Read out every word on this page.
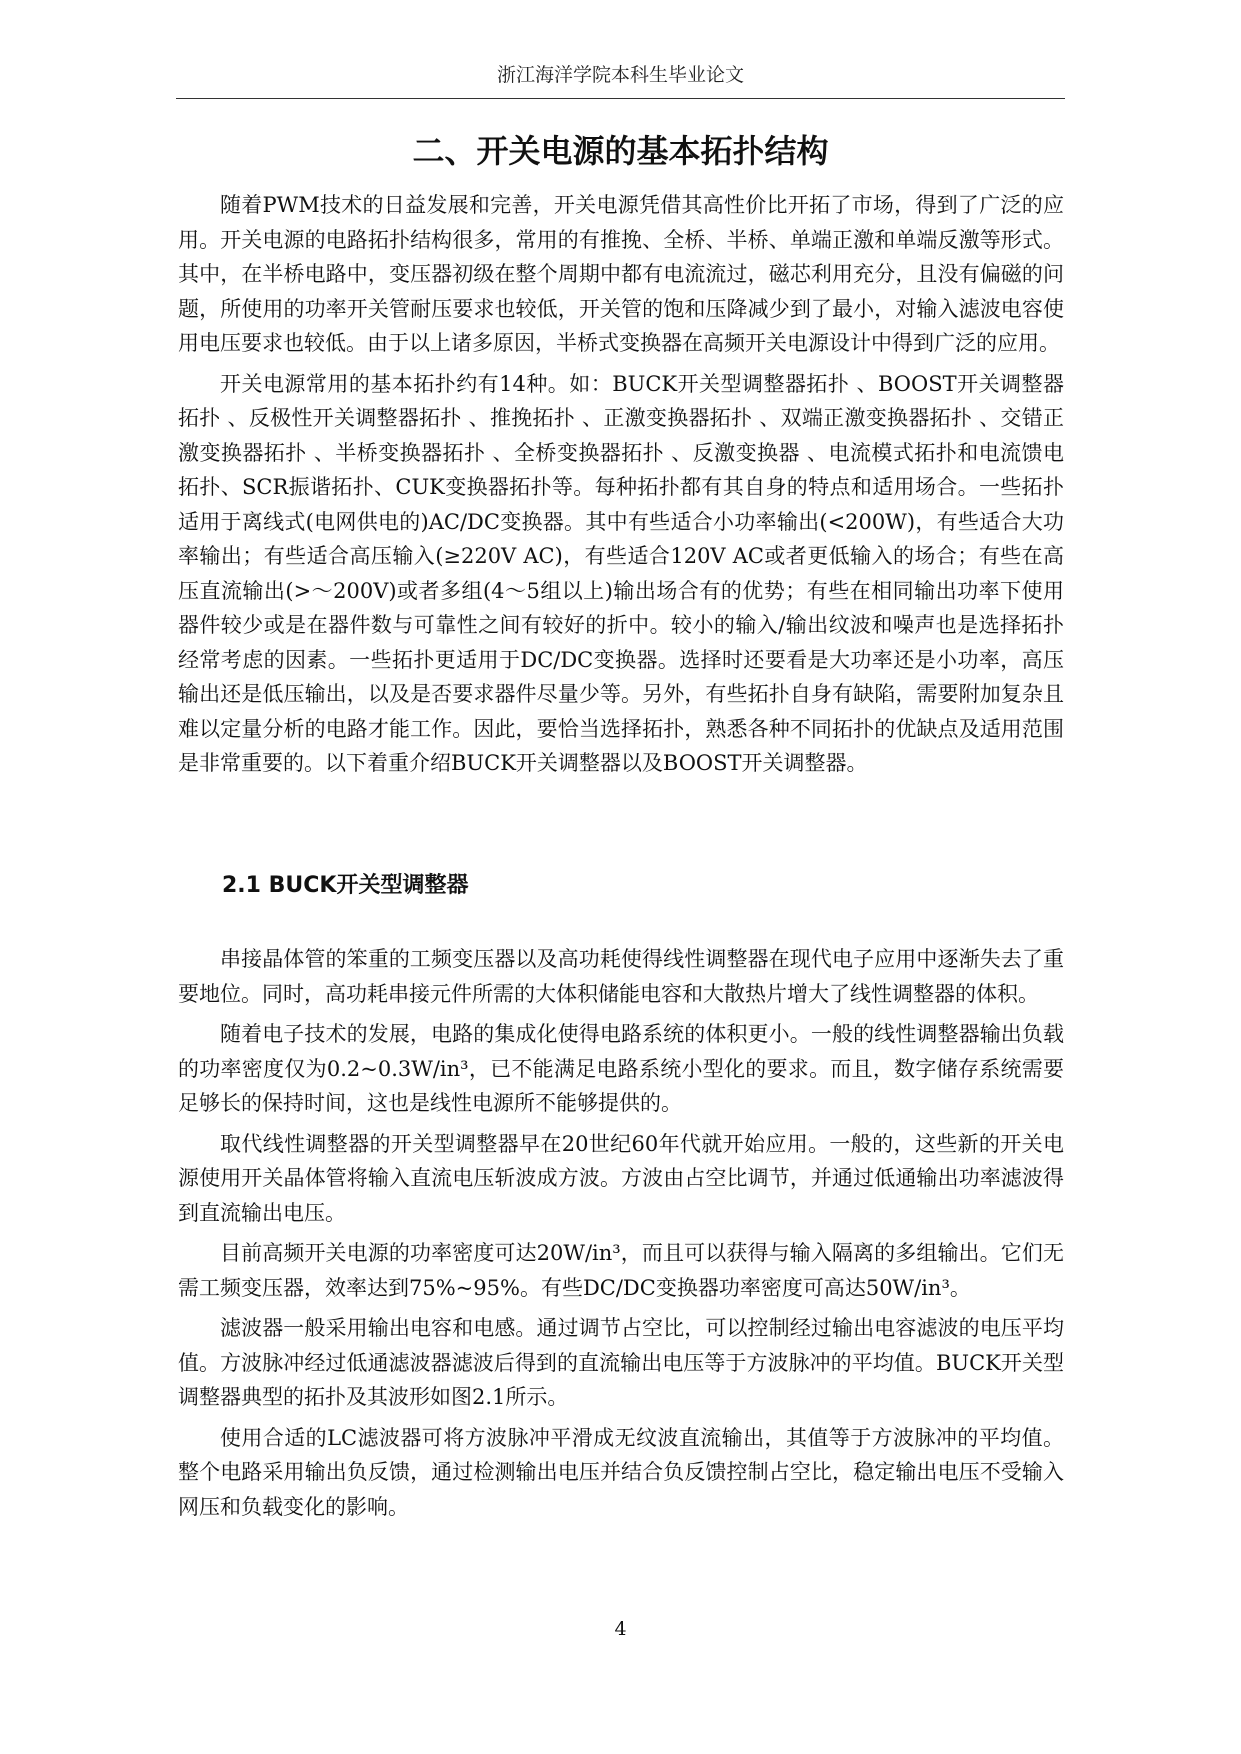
浙江海洋学院本科生毕业论文
二、开关电源的基本拓扑结构

随着PWM技术的日益发展和完善，开关电源凭借其高性价比开拓了市场，得到了广泛的应用。开关电源的电路拓扑结构很多，常用的有推挽、全桥、半桥、单端正激和单端反激等形式。其中，在半桥电路中，变压器初级在整个周期中都有电流流过，磁芯利用充分，且没有偏磁的问题，所使用的功率开关管耐压要求也较低，开关管的饱和压降减少到了最小，对输入滤波电容使用电压要求也较低。由于以上诸多原因，半桥式变换器在高频开关电源设计中得到广泛的应用。

开关电源常用的基本拓扑约有14种。如：BUCK开关型调整器拓扑 、BOOST开关调整器拓扑 、反极性开关调整器拓扑 、推挽拓扑 、正激变换器拓扑 、双端正激变换器拓扑 、交错正激变换器拓扑 、半桥变换器拓扑 、全桥变换器拓扑 、反激变换器 、电流模式拓扑和电流馈电拓扑、SCR振谐拓扑、CUK变换器拓扑等。每种拓扑都有其自身的特点和适用场合。一些拓扑适用于离线式(电网供电的)AC/DC变换器。其中有些适合小功率输出(<200W)，有些适合大功率输出；有些适合高压输入(≥220V AC)，有些适合120V AC或者更低输入的场合；有些在高压直流输出(>～200V)或者多组(4～5组以上)输出场合有的优势；有些在相同输出功率下使用器件较少或是在器件数与可靠性之间有较好的折中。较小的输入/输出纹波和噪声也是选择拓扑经常考虑的因素。一些拓扑更适用于DC/DC变换器。选择时还要看是大功率还是小功率，高压输出还是低压输出，以及是否要求器件尽量少等。另外，有些拓扑自身有缺陷，需要附加复杂且难以定量分析的电路才能工作。因此，要恰当选择拓扑，熟悉各种不同拓扑的优缺点及适用范围是非常重要的。以下着重介绍BUCK开关调整器以及BOOST开关调整器。

2.1 BUCK开关型调整器

串接晶体管的笨重的工频变压器以及高功耗使得线性调整器在现代电子应用中逐渐失去了重要地位。同时，高功耗串接元件所需的大体积储能电容和大散热片增大了线性调整器的体积。

随着电子技术的发展，电路的集成化使得电路系统的体积更小。一般的线性调整器输出负载的功率密度仅为0.2~0.3W/in³，已不能满足电路系统小型化的要求。而且，数字储存系统需要足够长的保持时间，这也是线性电源所不能够提供的。

取代线性调整器的开关型调整器早在20世纪60年代就开始应用。一般的，这些新的开关电源使用开关晶体管将输入直流电压斩波成方波。方波由占空比调节，并通过低通输出功率滤波得到直流输出电压。

目前高频开关电源的功率密度可达20W/in³，而且可以获得与输入隔离的多组输出。它们无需工频变压器，效率达到75%~95%。有些DC/DC变换器功率密度可高达50W/in³。

滤波器一般采用输出电容和电感。通过调节占空比，可以控制经过输出电容滤波的电压平均值。方波脉冲经过低通滤波器滤波后得到的直流输出电压等于方波脉冲的平均值。BUCK开关型调整器典型的拓扑及其波形如图2.1所示。

使用合适的LC滤波器可将方波脉冲平滑成无纹波直流输出，其值等于方波脉冲的平均值。整个电路采用输出负反馈，通过检测输出电压并结合负反馈控制占空比，稳定输出电压不受输入网压和负载变化的影响。

4
